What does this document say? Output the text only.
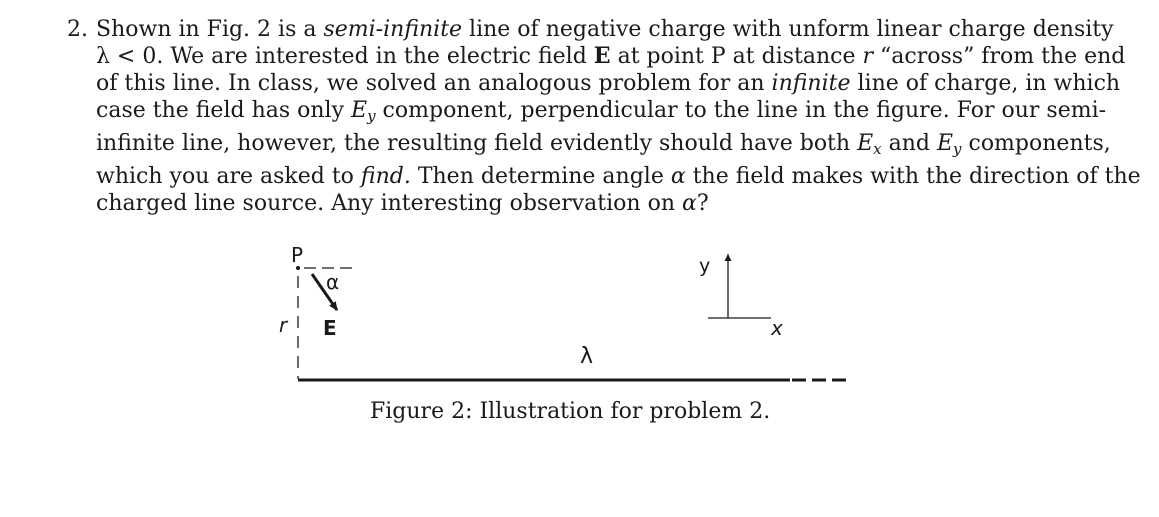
2. Shown in Fig. 2 is a semi-infinite line of negative charge with unform linear charge density
λ < 0. We are interested in the electric field E at point P at distance r “across” from the end
of this line. In class, we solved an analogous problem for an infinite line of charge, in which
case the field has only $E_y$ component, perpendicular to the line in the figure. For our semi-
infinite line, however, the resulting field evidently should have both $E_x$ and $E_y$ components,
which you are asked to find. Then determine angle α the field makes with the direction of the
charged line source. Any interesting observation on α?
P
α
r E
λ
y
x
Figure 2: Illustration for problem 2.
